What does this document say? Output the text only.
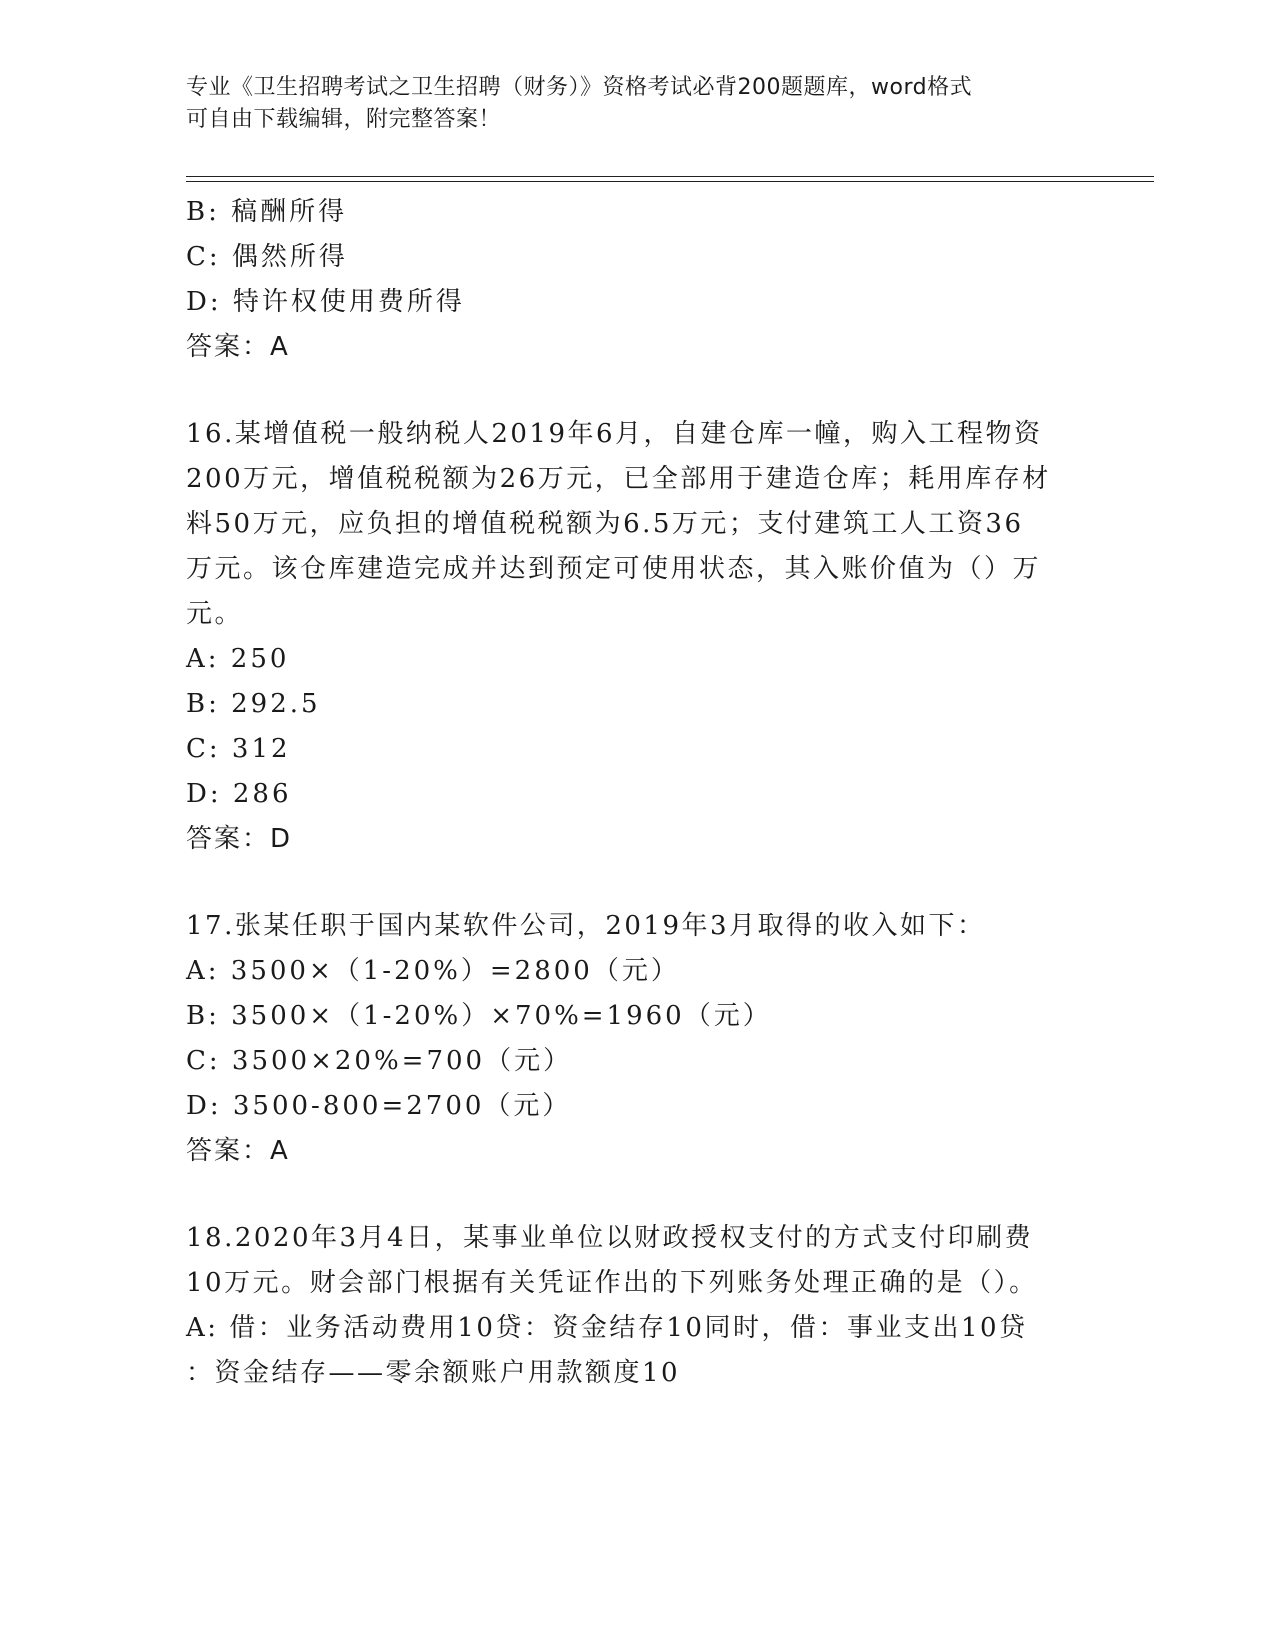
专业《卫生招聘考试之卫生招聘（财务）》资格考试必背200题题库，word格式
可自由下载编辑，附完整答案！
B: 稿酬所得
C: 偶然所得
D: 特许权使用费所得
答案：A
16.某增值税一般纳税人2019年6月，自建仓库一幢，购入工程物资
200万元，增值税税额为26万元，已全部用于建造仓库；耗用库存材
料50万元，应负担的增值税税额为6.5万元；支付建筑工人工资36
万元。该仓库建造完成并达到预定可使用状态，其入账价值为（）万
元。
A: 250
B: 292.5
C: 312
D: 286
答案：D
17.张某任职于国内某软件公司，2019年3月取得的收入如下：
A: 3500×（1-20%）=2800（元）
B: 3500×（1-20%）×70%=1960（元）
C: 3500×20%=700（元）
D: 3500-800=2700（元）
答案：A
18.2020年3月4日，某事业单位以财政授权支付的方式支付印刷费
10万元。财会部门根据有关凭证作出的下列账务处理正确的是（）。
A: 借：业务活动费用10贷：资金结存10同时，借：事业支出10贷
：资金结存——零余额账户用款额度10
